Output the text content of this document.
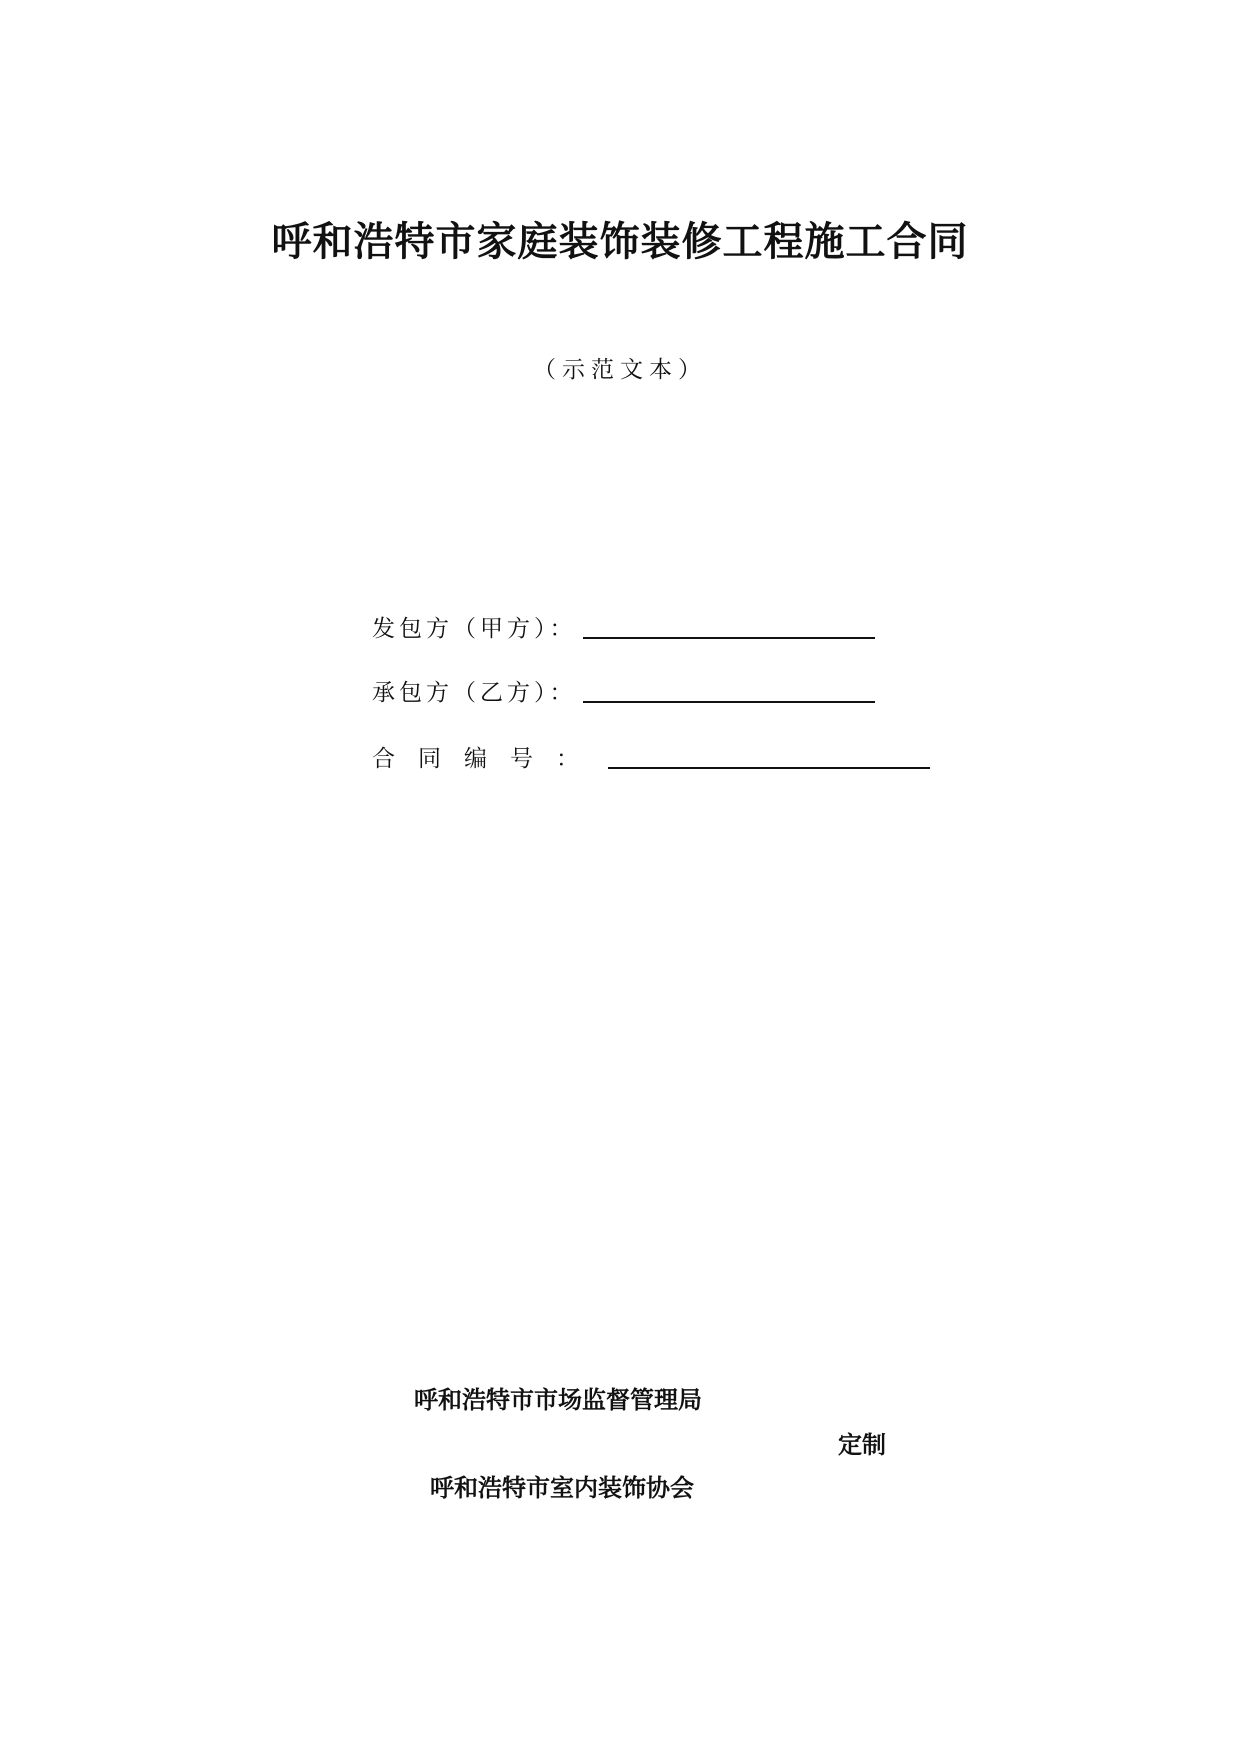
呼和浩特市家庭装饰装修工程施工合同
（示范文本）
发包方（甲方）：
承包方（乙方）：
合同编号：
呼和浩特市市场监督管理局
定制
呼和浩特市室内装饰协会
